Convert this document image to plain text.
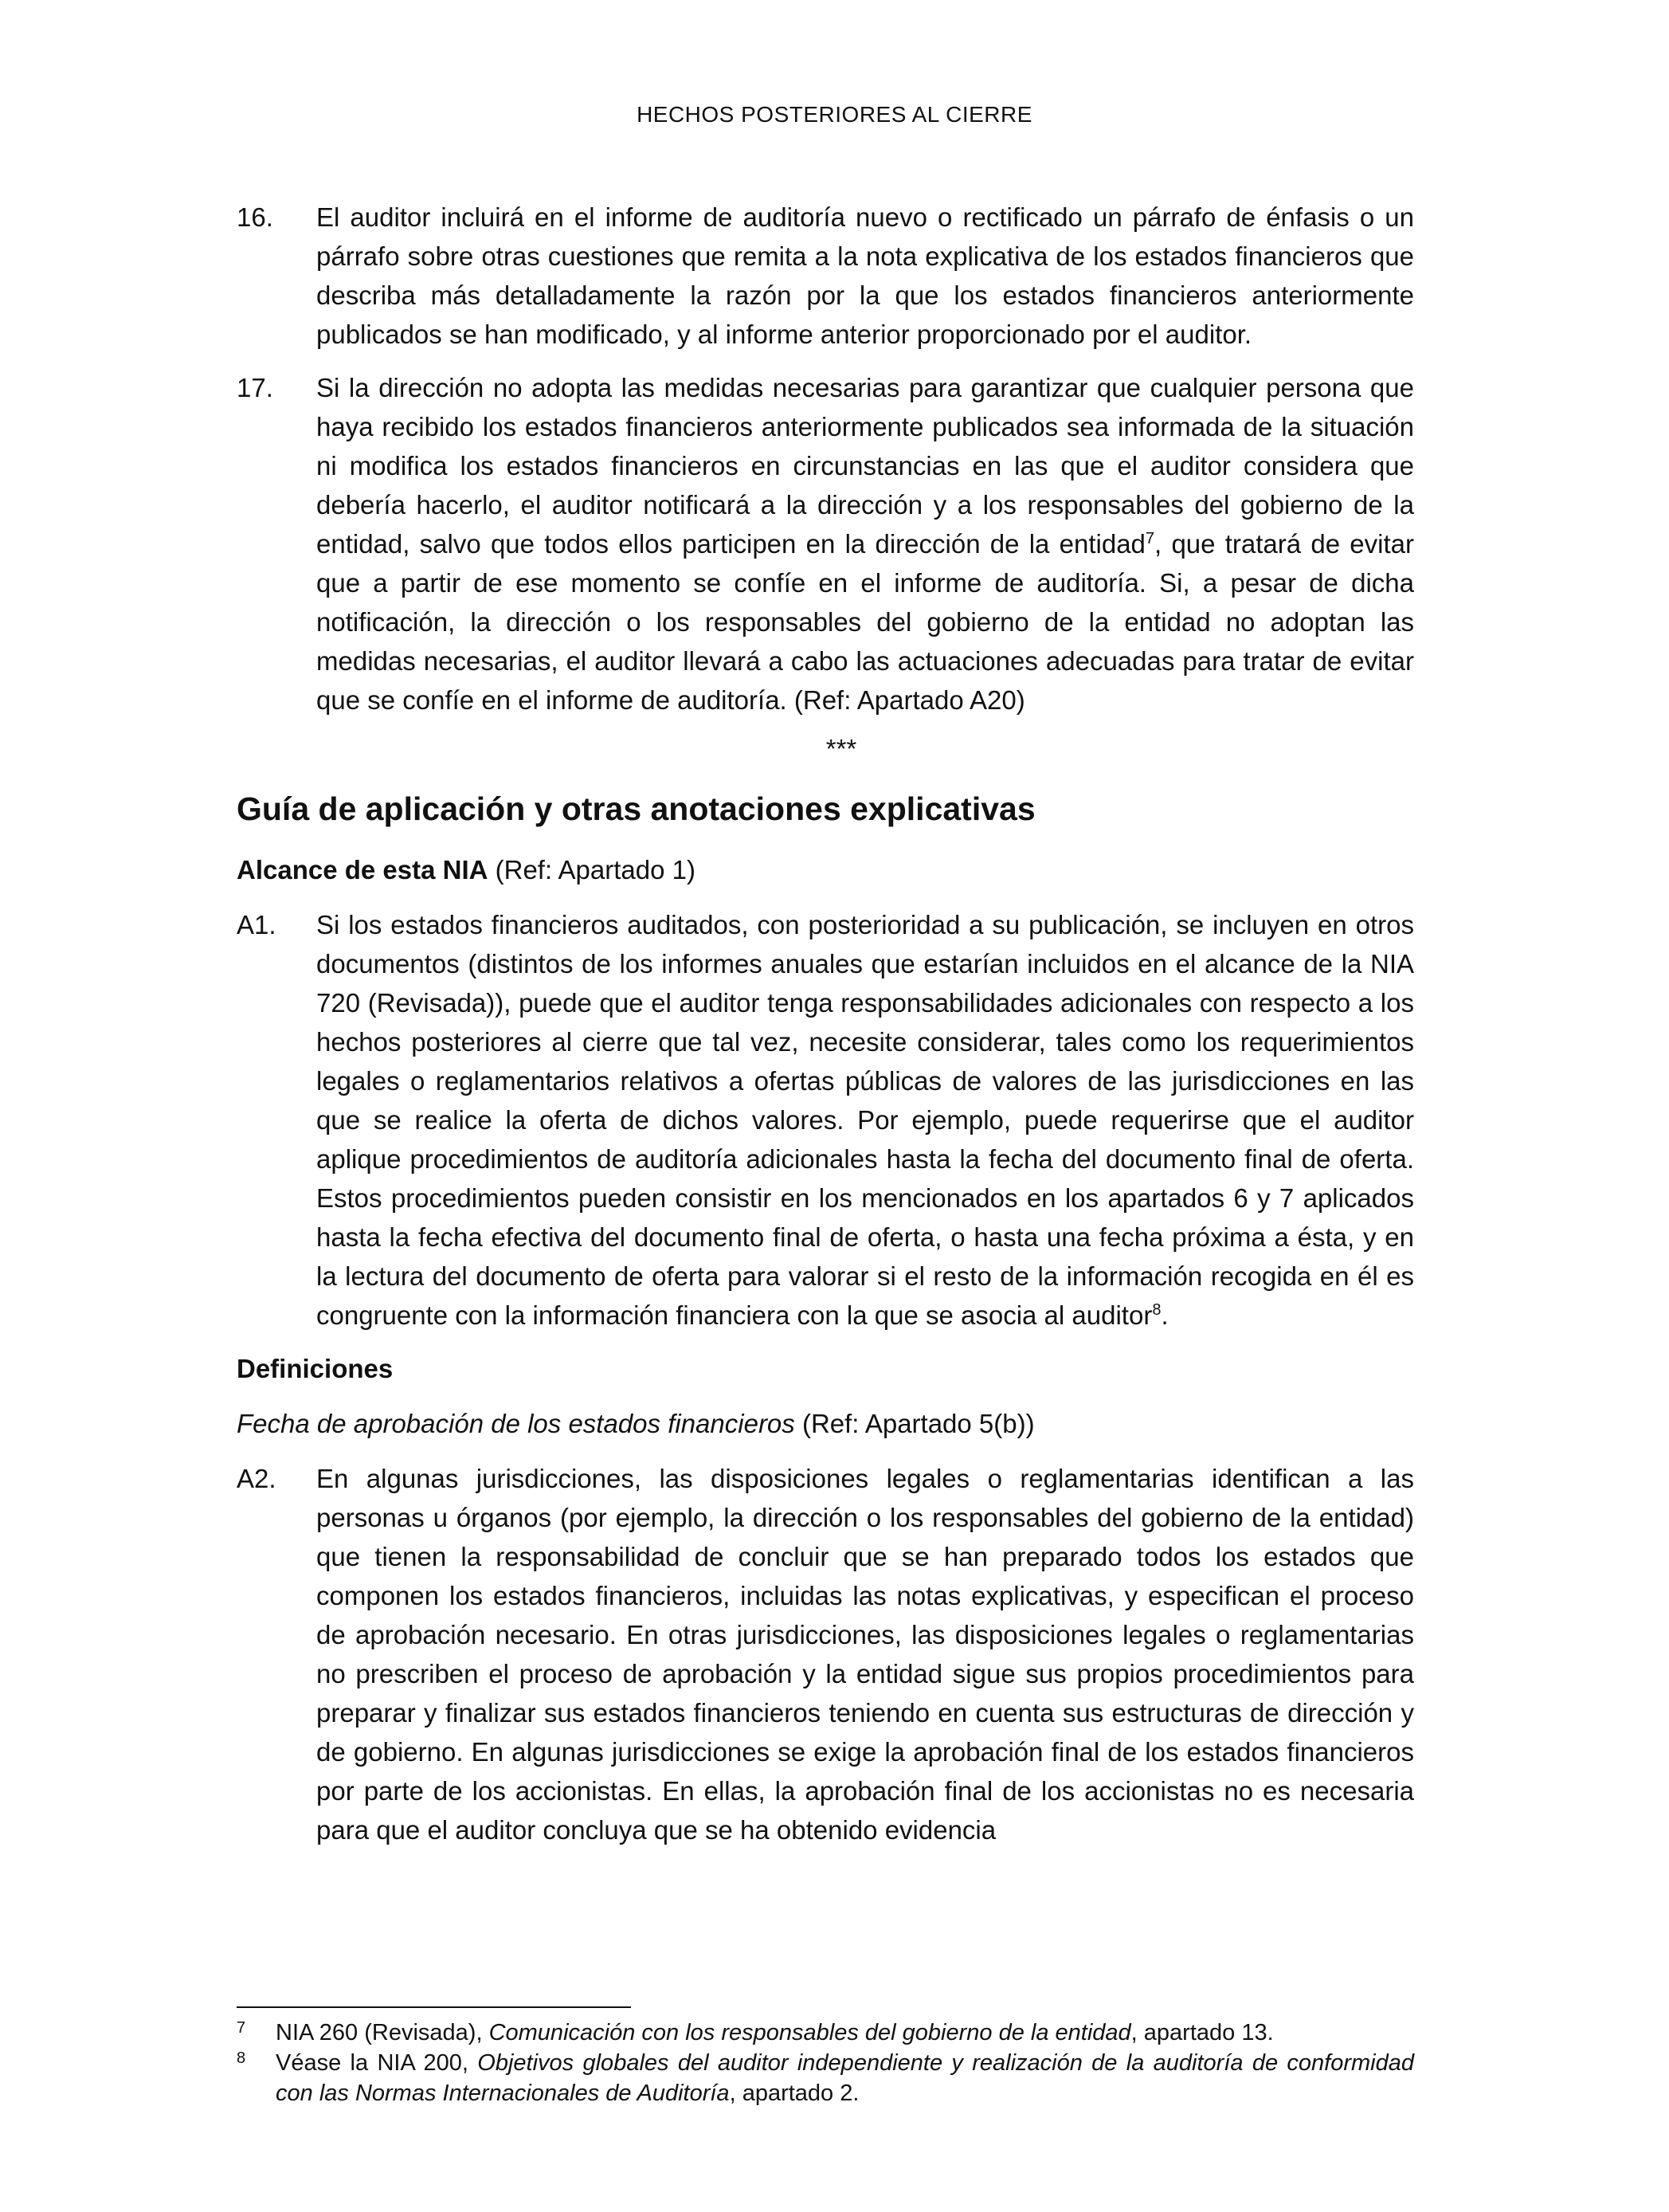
HECHOS POSTERIORES AL CIERRE
16. El auditor incluirá en el informe de auditoría nuevo o rectificado un párrafo de énfasis o un párrafo sobre otras cuestiones que remita a la nota explicativa de los estados financieros que describa más detalladamente la razón por la que los estados financieros anteriormente publicados se han modificado, y al informe anterior proporcionado por el auditor.
17. Si la dirección no adopta las medidas necesarias para garantizar que cualquier persona que haya recibido los estados financieros anteriormente publicados sea informada de la situación ni modifica los estados financieros en circunstancias en las que el auditor considera que debería hacerlo, el auditor notificará a la dirección y a los responsables del gobierno de la entidad, salvo que todos ellos participen en la dirección de la entidad$^7$, que tratará de evitar que a partir de ese momento se confíe en el informe de auditoría. Si, a pesar de dicha notificación, la dirección o los responsables del gobierno de la entidad no adoptan las medidas necesarias, el auditor llevará a cabo las actuaciones adecuadas para tratar de evitar que se confíe en el informe de auditoría. (Ref: Apartado A20)
***
Guía de aplicación y otras anotaciones explicativas
Alcance de esta NIA (Ref: Apartado 1)
A1. Si los estados financieros auditados, con posterioridad a su publicación, se incluyen en otros documentos (distintos de los informes anuales que estarían incluidos en el alcance de la NIA 720 (Revisada)), puede que el auditor tenga responsabilidades adicionales con respecto a los hechos posteriores al cierre que tal vez, necesite considerar, tales como los requerimientos legales o reglamentarios relativos a ofertas públicas de valores de las jurisdicciones en las que se realice la oferta de dichos valores. Por ejemplo, puede requerirse que el auditor aplique procedimientos de auditoría adicionales hasta la fecha del documento final de oferta. Estos procedimientos pueden consistir en los mencionados en los apartados 6 y 7 aplicados hasta la fecha efectiva del documento final de oferta, o hasta una fecha próxima a ésta, y en la lectura del documento de oferta para valorar si el resto de la información recogida en él es congruente con la información financiera con la que se asocia al auditor$^8$.
Definiciones
Fecha de aprobación de los estados financieros (Ref: Apartado 5(b))
A2. En algunas jurisdicciones, las disposiciones legales o reglamentarias identifican a las personas u órganos (por ejemplo, la dirección o los responsables del gobierno de la entidad) que tienen la responsabilidad de concluir que se han preparado todos los estados que componen los estados financieros, incluidas las notas explicativas, y especifican el proceso de aprobación necesario. En otras jurisdicciones, las disposiciones legales o reglamentarias no prescriben el proceso de aprobación y la entidad sigue sus propios procedimientos para preparar y finalizar sus estados financieros teniendo en cuenta sus estructuras de dirección y de gobierno. En algunas jurisdicciones se exige la aprobación final de los estados financieros por parte de los accionistas. En ellas, la aprobación final de los accionistas no es necesaria para que el auditor concluya que se ha obtenido evidencia
7 NIA 260 (Revisada), Comunicación con los responsables del gobierno de la entidad, apartado 13.
8 Véase la NIA 200, Objetivos globales del auditor independiente y realización de la auditoría de conformidad con las Normas Internacionales de Auditoría, apartado 2.
